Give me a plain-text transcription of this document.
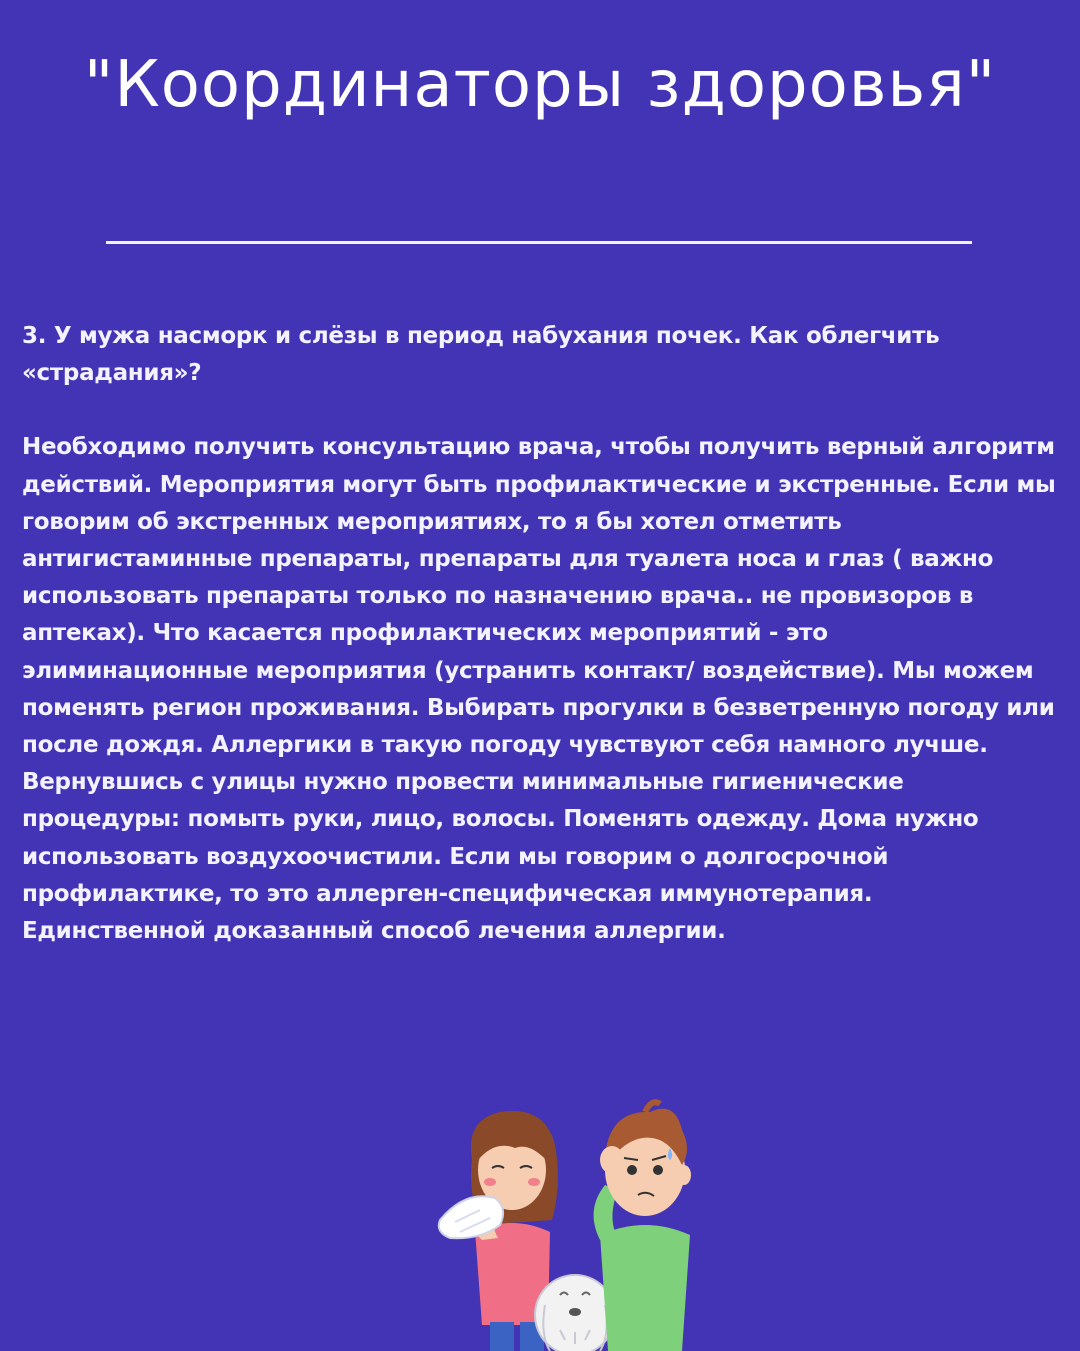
"Координаторы здоровья"

3. У мужа насморк и слёзы в период набухания почек. Как облегчить «страдания»?

Необходимо получить консультацию врача, чтобы получить верный алгоритм действий. Мероприятия могут быть профилактические и экстренные. Если мы говорим об экстренных мероприятиях, то я бы хотел отметить антигистаминные препараты, препараты для туалета носа и глаз ( важно использовать препараты только по назначению врача.. не провизоров в аптеках). Что касается профилактических мероприятий - это элиминационные мероприятия (устранить контакт/ воздействие). Мы можем поменять регион проживания. Выбирать прогулки в безветренную погоду или после дождя. Аллергики в такую погоду чувствуют себя намного лучше. Вернувшись с улицы нужно провести минимальные гигиенические процедуры: помыть руки, лицо, волосы. Поменять одежду. Дома нужно использовать воздухоочистили. Если мы говорим о долгосрочной профилактике, то это аллерген-специфическая иммунотерапия. Единственной доказанный способ лечения аллергии.
